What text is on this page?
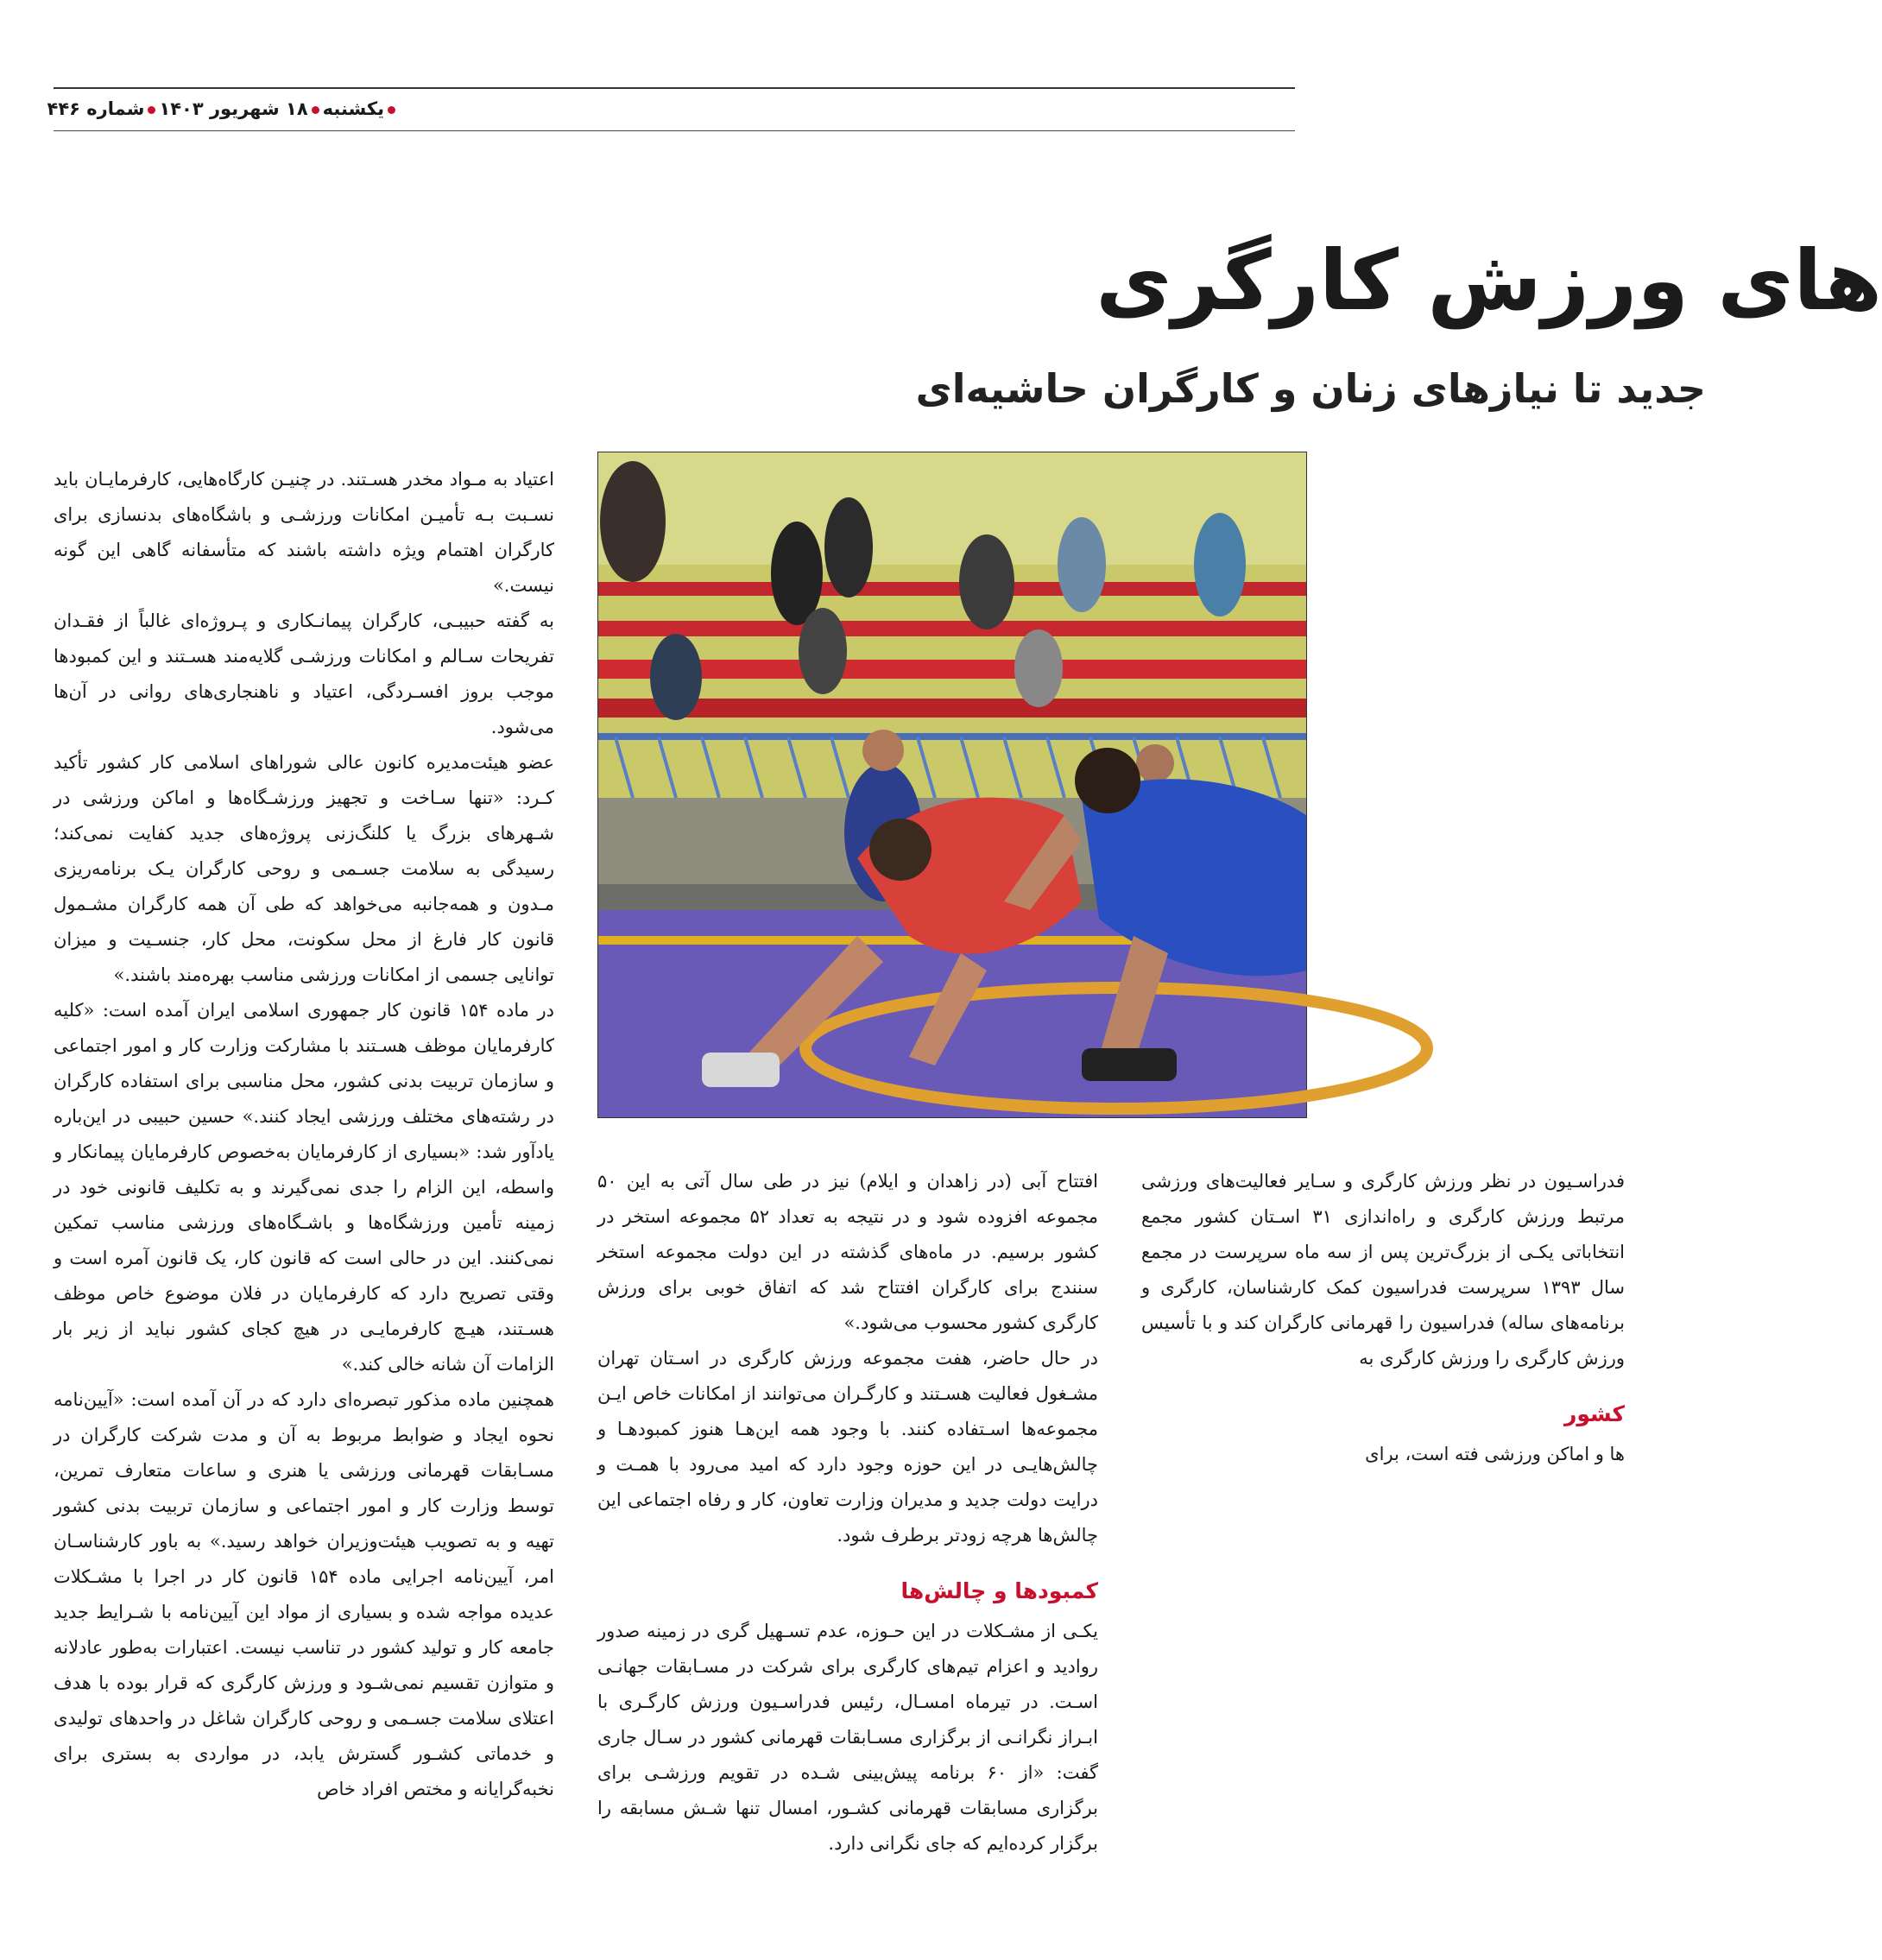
یکشنبه۱۸ شهریور ۱۴۰۳شماره ۴۴۶
های ورزش کارگری
جدید تا نیازهای زنان و کارگران حاشیه‌ای

اعتیاد به مـواد مخدر هسـتند. در چنیـن کارگاه‌هایی، کارفرمایـان باید نسـبت بـه تأمیـن امکانات ورزشـی و باشگاه‌های بدنسازی برای کارگران اهتمام ویژه داشته باشند که متأسفانه گاهی این گونه نیست.»

به گفته حبیبـی، کارگران پیمانـکاری و پـروژه‌ای غالباً از فقـدان تفریحات سـالم و امکانات ورزشـی گلایه‌مند هسـتند و این کمبودها موجب بروز افسـردگی، اعتیاد و ناهنجاری‌های روانی در آن‌ها می‌شود.

عضو هیئت‌مدیره کانون عالی شوراهای اسلامی کار کشور تأکید کـرد: «تنها سـاخت و تجهیز ورزشـگاه‌ها و اماکن ورزشی در شـهرهای بزرگ یا کلنگ‌زنی پروژه‌های جدید کفایت نمی‌کند؛ رسیدگی به سلامت جسـمی و روحی کارگران یـک برنامه‌ریزی مـدون و همه‌جانبه می‌خواهد که طی آن همه کارگران مشـمول قانون کار فارغ از محل سکونت، محل کار، جنسـیت و میزان توانایی جسمی از امکانات ورزشی مناسب بهره‌مند باشند.»

در ماده ۱۵۴ قانون کار جمهوری اسلامی ایران آمده است: «کلیه کارفرمایان موظف هسـتند با مشارکت وزارت کار و امور اجتماعی و سازمان تربیت بدنی کشور، محل مناسبی برای استفاده کارگران در رشته‌های مختلف ورزشی ایجاد کنند.» حسین حبیبی در این‌باره یادآور شد: «بسیاری از کارفرمایان به‌خصوص کارفرمایان پیمانکار و واسطه، این الزام را جدی نمی‌گیرند و به تکلیف قانونی خود در زمینه تأمین ورزشگاه‌ها و باشـگاه‌های ورزشی مناسب تمکین نمی‌کنند. این در حالی است که قانون کار، یک قانون آمره است و وقتی تصریح دارد که کارفرمایان در فلان موضوع خاص موظف هسـتند، هیـچ کارفرمایـی در هیچ کجای کشور نباید از زیر بار الزامات آن شانه خالی کند.»

همچنین ماده مذکور تبصره‌ای دارد که در آن آمده است: «آیین‌نامه نحوه ایجاد و ضوابط مربوط به آن و مدت شرکت کارگران در مسـابقات قهرمانی ورزشی یا هنری و ساعات متعارف تمرین، توسط وزارت کار و امور اجتماعی و سازمان تربیت بدنی کشور تهیه و به تصویب هیئت‌وزیران خواهد رسید.» به باور کارشناسـان امر، آیین‌نامه اجرایی ماده ۱۵۴ قانون کار در اجرا با مشـکلات عدیده مواجه شده و بسیاری از مواد این آیین‌نامه با شـرایط جدید جامعه کار و تولید کشور در تناسب نیست. اعتبارات به‌طور عادلانه و متوازن تقسیم نمی‌شـود و ورزش کارگری که قرار بوده با هدف اعتلای سلامت جسـمی و روحی کارگران شاغل در واحدهای تولیدی و خدماتی کشـور گسترش یابد، در مواردی به بستری برای نخبه‌گرایانه و مختص افراد خاص

افتتاح آبی (در زاهدان و ایلام) نیز در طی سال آتی به این ۵۰ مجموعه افزوده شود و در نتیجه به تعداد ۵۲ مجموعه استخر در کشور برسیم. در ماه‌های گذشته در این دولت مجموعه استخر سنندج برای کارگران افتتاح شد که اتفاق خوبی برای ورزش کارگری کشور محسوب می‌شود.»

در حال حاضر، هفت مجموعه ورزش کارگری در اسـتان تهران مشـغول فعالیت هسـتند و کارگـران می‌توانند از امکانات خاص ایـن مجموعه‌ها اسـتفاده کنند. با وجود همه این‌هـا هنوز کمبودهـا و چالش‌هایـی در این حوزه وجود دارد که امید می‌رود با همـت و درایت دولت جدید و مدیران وزارت تعاون، کار و رفاه اجتماعی این چالش‌ها هرچه زودتر برطرف شود.

کمبودها و چالش‌ها

یکـی از مشـکلات در این حـوزه، عدم تسـهیل گری در زمینه صدور روادید و اعزام تیم‌های کارگری برای شرکت در مسـابقات جهانـی اسـت. در تیرماه امسـال، رئیس فدراسـیون ورزش کارگـری با ابـراز نگرانـی از برگزاری مسـابقات قهرمانی کشور در سـال جاری گفت: «از ۶۰ برنامه پیش‌بینی شـده در تقویم ورزشـی برای برگزاری مسابقات قهرمانی کشـور، امسال تنها شـش مسابقه را برگزار کرده‌ایم که جای نگرانی دارد.

فدراسـیون در نظر ورزش کارگری و سـایر فعالیت‌های ورزشی مرتبط ورزش کارگری و راه‌اندازی ۳۱ اسـتان کشور مجمع انتخاباتی یکـی از بزرگ‌ترین پس از سه ماه سرپرست در مجمع سال ۱۳۹۳ سرپرست فدراسیون کمک کارشناسان، کارگری و برنامه‌های ساله) فدراسیون را قهرمانی کارگران کند و با تأسیس ورزش کارگری را ورزش کارگری به

کشور

ها و اماکن ورزشی فته است، برای
